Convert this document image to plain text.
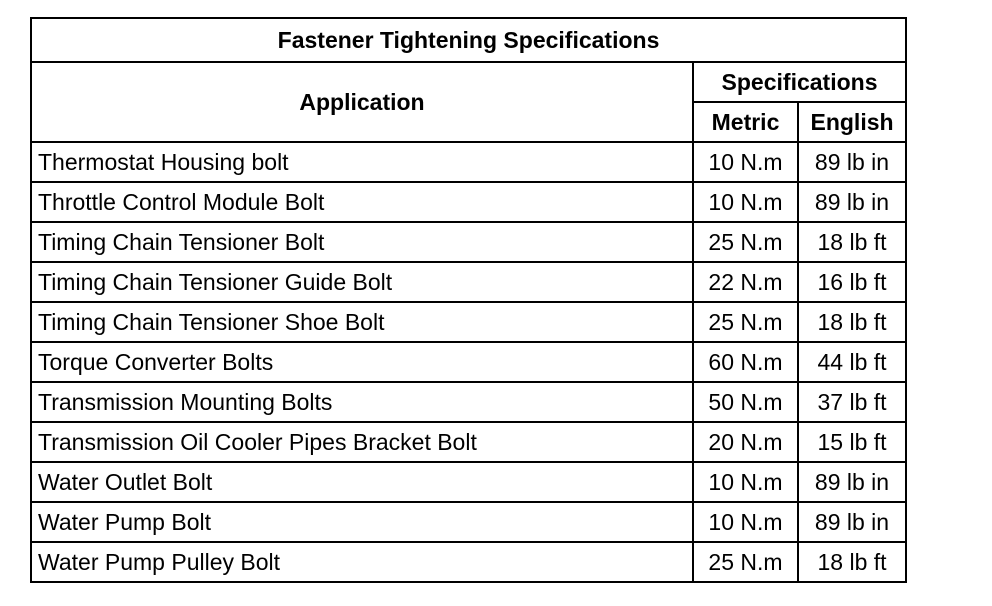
Fastener Tightening Specifications		
Application	Specifications	
	Metric	English
Thermostat Housing bolt	10 N.m	89 lb in
Throttle Control Module Bolt	10 N.m	89 lb in
Timing Chain Tensioner Bolt	25 N.m	18 lb ft
Timing Chain Tensioner Guide Bolt	22 N.m	16 lb ft
Timing Chain Tensioner Shoe Bolt	25 N.m	18 lb ft
Torque Converter Bolts	60 N.m	44 lb ft
Transmission Mounting Bolts	50 N.m	37 lb ft
Transmission Oil Cooler Pipes Bracket Bolt	20 N.m	15 lb ft
Water Outlet Bolt	10 N.m	89 lb in
Water Pump Bolt	10 N.m	89 lb in
Water Pump Pulley Bolt	25 N.m	18 lb ft
